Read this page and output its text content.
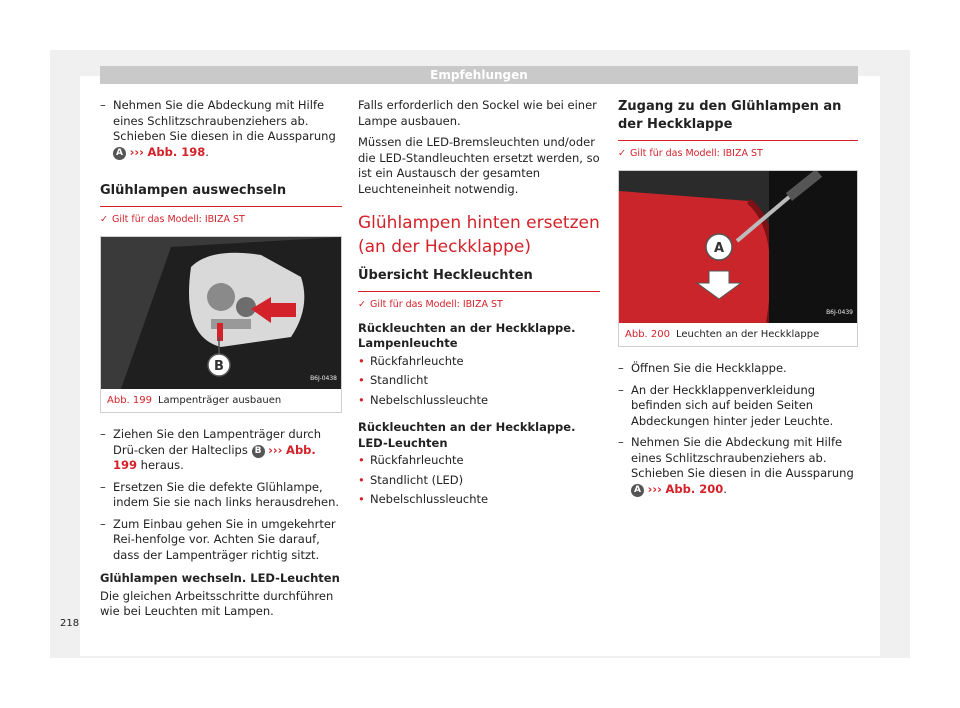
Empfehlungen
– Nehmen Sie die Abdeckung mit Hilfe eines Schlitzschraubenziehers ab. Schieben Sie diesen in die Aussparung A ››› Abb. 198.
Glühlampen auswechseln
✓ Gilt für das Modell: IBIZA ST
B
B6J-0438
Abb. 199 Lampenträger ausbauen
– Ziehen Sie den Lampenträger durch Drü-cken der Halteclips B ››› Abb. 199 heraus.
– Ersetzen Sie die defekte Glühlampe, indem Sie sie nach links herausdrehen.
– Zum Einbau gehen Sie in umgekehrter Rei-henfolge vor. Achten Sie darauf, dass der Lampenträger richtig sitzt.
Glühlampen wechseln. LED-Leuchten

Die gleichen Arbeitsschritte durchführen wie bei Leuchten mit Lampen.

Falls erforderlich den Sockel wie bei einer Lampe ausbauen.

Müssen die LED-Bremsleuchten und/oder die LED-Standleuchten ersetzt werden, so ist ein Austausch der gesamten Leuchteneinheit notwendig.

Glühlampen hinten ersetzen (an der Heckklappe)
Übersicht Heckleuchten
✓ Gilt für das Modell: IBIZA ST
Rückleuchten an der Heckklappe. Lampenleuchte
• Rückfahrleuchte
• Standlicht
• Nebelschlussleuchte
Rückleuchten an der Heckklappe. LED-Leuchten
• Rückfahrleuchte
• Standlicht (LED)
• Nebelschlussleuchte
Zugang zu den Glühlampen an der Heckklappe
✓ Gilt für das Modell: IBIZA ST
A
B6J-0439
Abb. 200 Leuchten an der Heckklappe
– Öffnen Sie die Heckklappe.
– An der Heckklappenverkleidung befinden sich auf beiden Seiten Abdeckungen hinter jeder Leuchte.
– Nehmen Sie die Abdeckung mit Hilfe eines Schlitzschraubenziehers ab. Schieben Sie diesen in die Aussparung A ››› Abb. 200.
218
